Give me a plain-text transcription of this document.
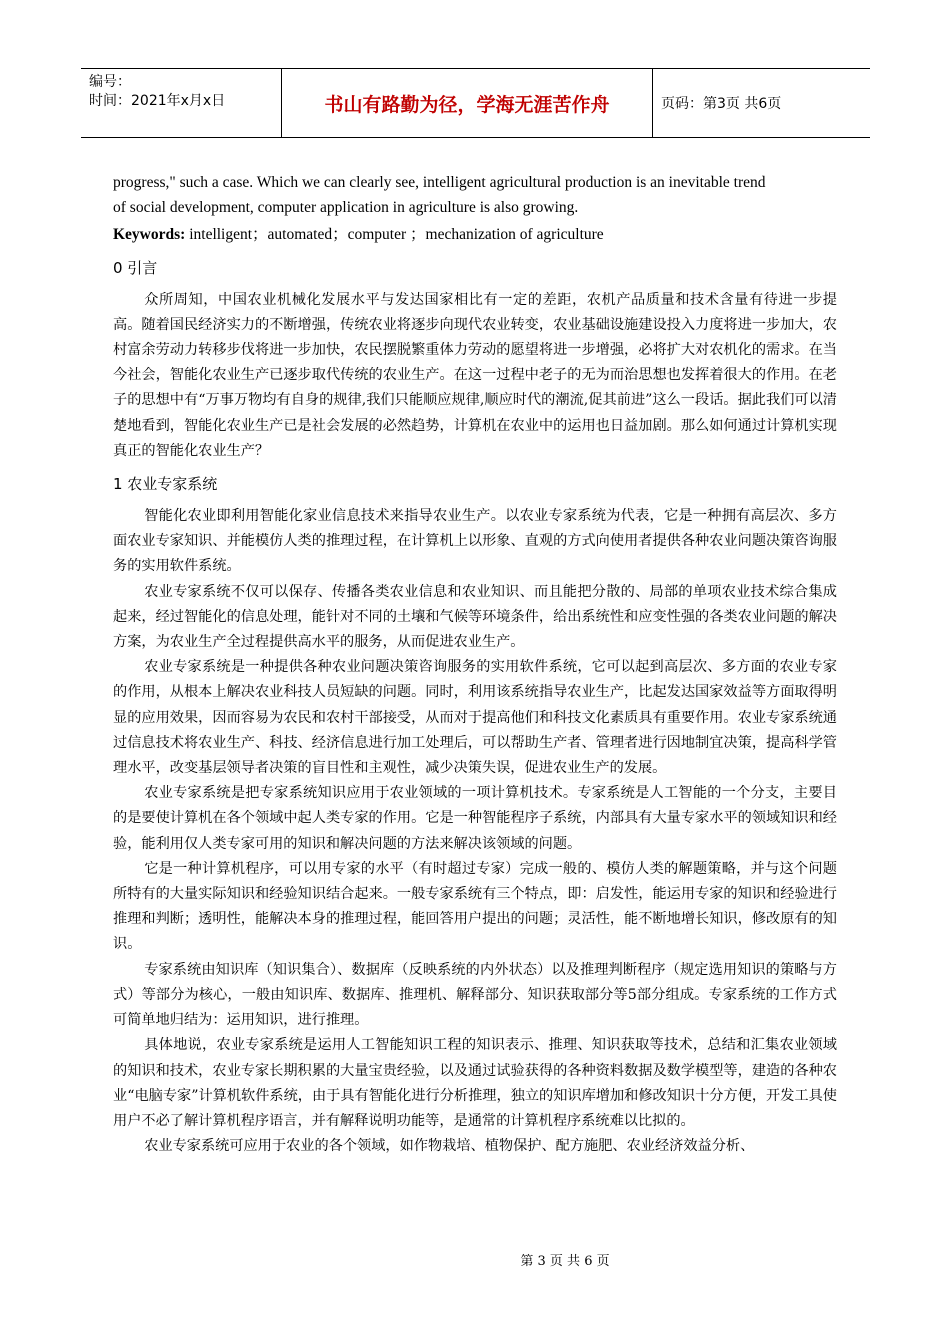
编号：
时间：2021年x月x日	书山有路勤为径，学海无涯苦作舟	页码：第3页 共6页

progress," such a case. Which we can clearly see, intelligent agricultural production is an inevitable trend

of social development, computer application in agriculture is also growing.

Keywords: intelligent；automated；computer ；mechanization of agriculture

0 引言

众所周知，中国农业机械化发展水平与发达国家相比有一定的差距，农机产品质量和技术含量有待进一步提高。随着国民经济实力的不断增强，传统农业将逐步向现代农业转变，农业基础设施建设投入力度将进一步加大，农村富余劳动力转移步伐将进一步加快，农民摆脱繁重体力劳动的愿望将进一步增强，必将扩大对农机化的需求。在当今社会，智能化农业生产已逐步取代传统的农业生产。在这一过程中老子的无为而治思想也发挥着很大的作用。在老子的思想中有“万事万物均有自身的规律,我们只能顺应规律,顺应时代的潮流,促其前进”这么一段话。据此我们可以清楚地看到，智能化农业生产已是社会发展的必然趋势，计算机在农业中的运用也日益加剧。那么如何通过计算机实现真正的智能化农业生产？

1 农业专家系统

智能化农业即利用智能化家业信息技术来指导农业生产。以农业专家系统为代表，它是一种拥有高层次、多方面农业专家知识、并能模仿人类的推理过程，在计算机上以形象、直观的方式向使用者提供各种农业问题决策咨询服务的实用软件系统。

农业专家系统不仅可以保存、传播各类农业信息和农业知识、而且能把分散的、局部的单项农业技术综合集成起来，经过智能化的信息处理，能针对不同的土壤和气候等环境条件，给出系统性和应变性强的各类农业问题的解决方案，为农业生产全过程提供高水平的服务，从而促进农业生产。

农业专家系统是一种提供各种农业问题决策咨询服务的实用软件系统，它可以起到高层次、多方面的农业专家的作用，从根本上解决农业科技人员短缺的问题。同时，利用该系统指导农业生产，比起发达国家效益等方面取得明显的应用效果，因而容易为农民和农村干部接受，从而对于提高他们和科技文化素质具有重要作用。农业专家系统通过信息技术将农业生产、科技、经济信息进行加工处理后，可以帮助生产者、管理者进行因地制宜决策，提高科学管理水平，改变基层领导者决策的盲目性和主观性，减少决策失误，促进农业生产的发展。

农业专家系统是把专家系统知识应用于农业领域的一项计算机技术。专家系统是人工智能的一个分支，主要目的是要使计算机在各个领域中起人类专家的作用。它是一种智能程序子系统，内部具有大量专家水平的领域知识和经验，能利用仅人类专家可用的知识和解决问题的方法来解决该领域的问题。

它是一种计算机程序，可以用专家的水平（有时超过专家）完成一般的、模仿人类的解题策略，并与这个问题所特有的大量实际知识和经验知识结合起来。一般专家系统有三个特点，即：启发性，能运用专家的知识和经验进行推理和判断；透明性，能解决本身的推理过程，能回答用户提出的问题；灵活性，能不断地增长知识，修改原有的知识。

专家系统由知识库（知识集合）、数据库（反映系统的内外状态）以及推理判断程序（规定选用知识的策略与方式）等部分为核心，一般由知识库、数据库、推理机、解释部分、知识获取部分等5部分组成。专家系统的工作方式可简单地归结为：运用知识，进行推理。

具体地说，农业专家系统是运用人工智能知识工程的知识表示、推理、知识获取等技术，总结和汇集农业领域的知识和技术，农业专家长期积累的大量宝贵经验，以及通过试验获得的各种资料数据及数学模型等，建造的各种农业“电脑专家”计算机软件系统，由于具有智能化进行分析推理，独立的知识库增加和修改知识十分方便，开发工具使用户不必了解计算机程序语言，并有解释说明功能等，是通常的计算机程序系统难以比拟的。

农业专家系统可应用于农业的各个领域，如作物栽培、植物保护、配方施肥、农业经济效益分析、

第 3 页 共 6 页
